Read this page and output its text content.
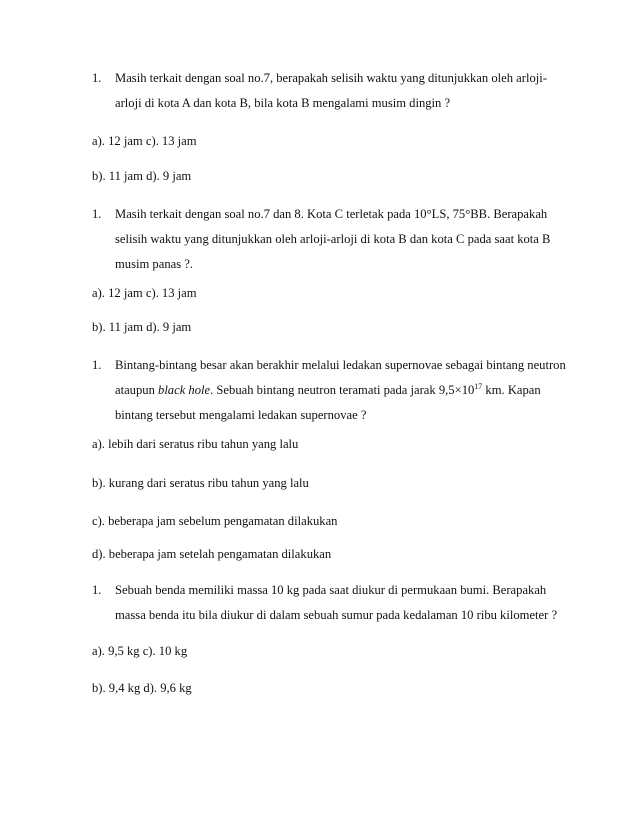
1. Masih terkait dengan soal no.7, berapakah selisih waktu yang ditunjukkan oleh arloji-
arloji di kota A dan kota B, bila kota B mengalami musim dingin ?
a). 12 jam c). 13 jam
b). 11 jam d). 9 jam
1. Masih terkait dengan soal no.7 dan 8. Kota C terletak pada 10°LS, 75°BB. Berapakah
selisih waktu yang ditunjukkan oleh arloji-arloji di kota B dan kota C pada saat kota B
musim panas ?.
a). 12 jam c). 13 jam
b). 11 jam d). 9 jam
1. Bintang-bintang besar akan berakhir melalui ledakan supernovae sebagai bintang neutron
ataupun black hole. Sebuah bintang neutron teramati pada jarak $9,5\times 10^{17}$ km. Kapan
bintang tersebut mengalami ledakan supernovae ?
a). lebih dari seratus ribu tahun yang lalu
b). kurang dari seratus ribu tahun yang lalu
c). beberapa jam sebelum pengamatan dilakukan
d). beberapa jam setelah pengamatan dilakukan
1. Sebuah benda memiliki massa 10 kg pada saat diukur di permukaan bumi. Berapakah
massa benda itu bila diukur di dalam sebuah sumur pada kedalaman 10 ribu kilometer ?
a). 9,5 kg c). 10 kg
b). 9,4 kg d). 9,6 kg
